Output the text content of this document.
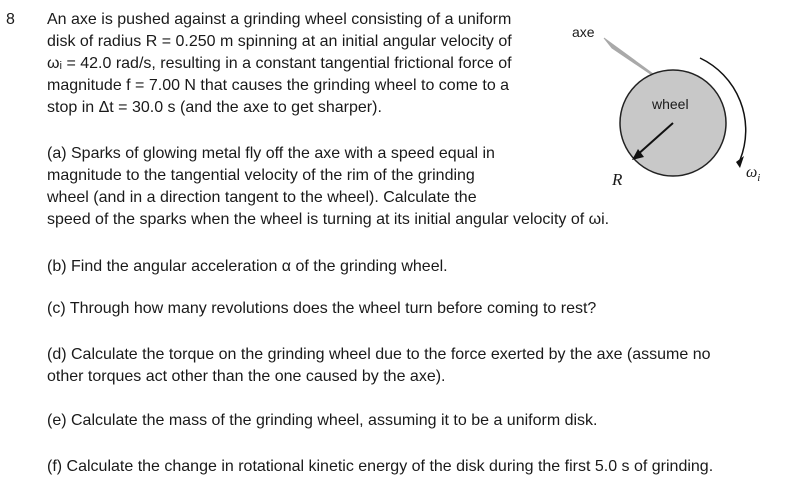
8 An axe is pushed against a grinding wheel consisting of a uniform
disk of radius R = 0.250 m spinning at an initial angular velocity of
ωᵢ = 42.0 rad/s, resulting in a constant tangential frictional force of
magnitude f = 7.00 N that causes the grinding wheel to come to a
stop in Δt = 30.0 s (and the axe to get sharper).
axe
wheel
R	$\omega_i$
(a) Sparks of glowing metal fly off the axe with a speed equal in
magnitude to the tangential velocity of the rim of the grinding
wheel (and in a direction tangent to the wheel). Calculate the
speed of the sparks when the wheel is turning at its initial angular velocity of ωi.
(b) Find the angular acceleration α of the grinding wheel.
(c) Through how many revolutions does the wheel turn before coming to rest?
(d) Calculate the torque on the grinding wheel due to the force exerted by the axe (assume no
other torques act other than the one caused by the axe).
(e) Calculate the mass of the grinding wheel, assuming it to be a uniform disk.
(f) Calculate the change in rotational kinetic energy of the disk during the first 5.0 s of grinding.
